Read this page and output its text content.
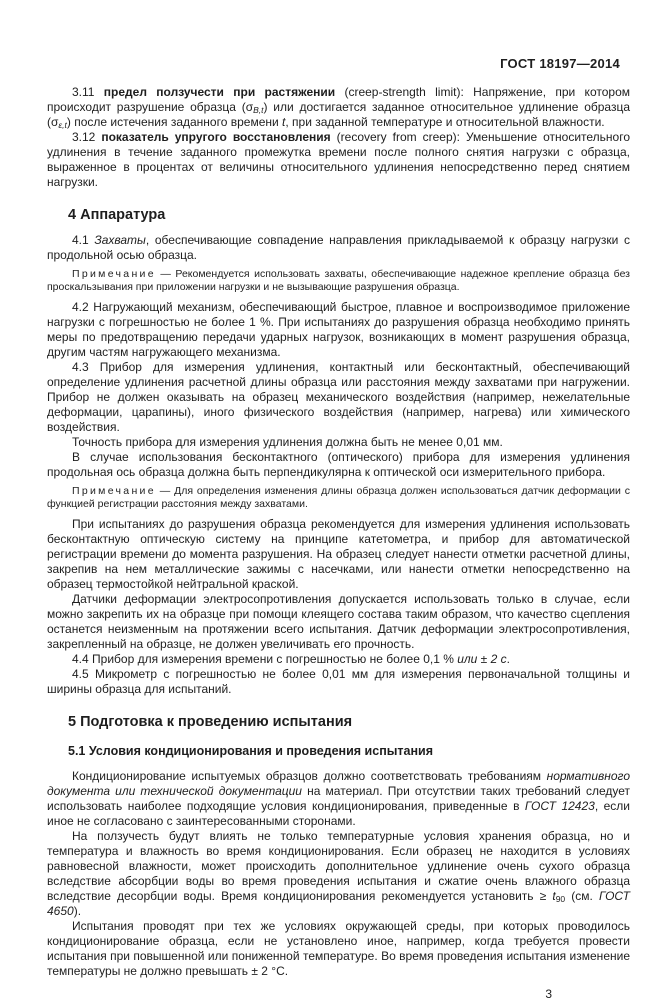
ГОСТ 18197—2014

3.11 предел ползучести при растяжении (creep-strength limit): Напряжение, при котором происходит разрушение образца $(\sigma_{B,t})$ или достигается заданное относительное удлинение образца $(\sigma_{\varepsilon,t})$ после истечения заданного времени t, при заданной температуре и относительной влажности.

3.12 показатель упругого восстановления (recovery from creep): Уменьшение относительного удлинения в течение заданного промежутка времени после полного снятия нагрузки с образца, выраженное в процентах от величины относительного удлинения непосредственно перед снятием нагрузки.

4 Аппаратура

4.1 Захваты, обеспечивающие совпадение направления прикладываемой к образцу нагрузки с продольной осью образца.

Примечание — Рекомендуется использовать захваты, обеспечивающие надежное крепление образца без проскальзывания при приложении нагрузки и не вызывающие разрушения образца.

4.2 Нагружающий механизм, обеспечивающий быстрое, плавное и воспроизводимое приложение нагрузки с погрешностью не более 1 %. При испытаниях до разрушения образца необходимо принять меры по предотвращению передачи ударных нагрузок, возникающих в момент разрушения образца, другим частям нагружающего механизма.

4.3 Прибор для измерения удлинения, контактный или бесконтактный, обеспечивающий определение удлинения расчетной длины образца или расстояния между захватами при нагружении. Прибор не должен оказывать на образец механического воздействия (например, нежелательные деформации, царапины), иного физического воздействия (например, нагрева) или химического воздействия.

Точность прибора для измерения удлинения должна быть не менее 0,01 мм.

В случае использования бесконтактного (оптического) прибора для измерения удлинения продольная ось образца должна быть перпендикулярна к оптической оси измерительного прибора.

Примечание — Для определения изменения длины образца должен использоваться датчик деформации с функцией регистрации расстояния между захватами.

При испытаниях до разрушения образца рекомендуется для измерения удлинения использовать бесконтактную оптическую систему на принципе катетометра, и прибор для автоматической регистрации времени до момента разрушения. На образец следует нанести отметки расчетной длины, закрепив на нем металлические зажимы с насечками, или нанести отметки непосредственно на образец термостойкой нейтральной краской.

Датчики деформации электросопротивления допускается использовать только в случае, если можно закрепить их на образце при помощи клеящего состава таким образом, что качество сцепления останется неизменным на протяжении всего испытания. Датчик деформации электросопротивления, закрепленный на образце, не должен увеличивать его прочность.

4.4 Прибор для измерения времени с погрешностью не более 0,1 % или ± 2 с.

4.5 Микрометр с погрешностью не более 0,01 мм для измерения первоначальной толщины и ширины образца для испытаний.

5 Подготовка к проведению испытания
5.1 Условия кондиционирования и проведения испытания

Кондиционирование испытуемых образцов должно соответствовать требованиям нормативного документа или технической документации на материал. При отсутствии таких требований следует использовать наиболее подходящие условия кондиционирования, приведенные в ГОСТ 12423, если иное не согласовано с заинтересованными сторонами.

На ползучесть будут влиять не только температурные условия хранения образца, но и температура и влажность во время кондиционирования. Если образец не находится в условиях равновесной влажности, может происходить дополнительное удлинение очень сухого образца вследствие абсорбции воды во время проведения испытания и сжатие очень влажного образца вследствие десорбции воды. Время кондиционирования рекомендуется установить ≥ $t_{90}$ (см. ГОСТ 4650).

Испытания проводят при тех же условиях окружающей среды, при которых проводилось кондиционирование образца, если не установлено иное, например, когда требуется провести испытания при повышенной или пониженной температуре. Во время проведения испытания изменение температуры не должно превышать ± 2 °С.

3
